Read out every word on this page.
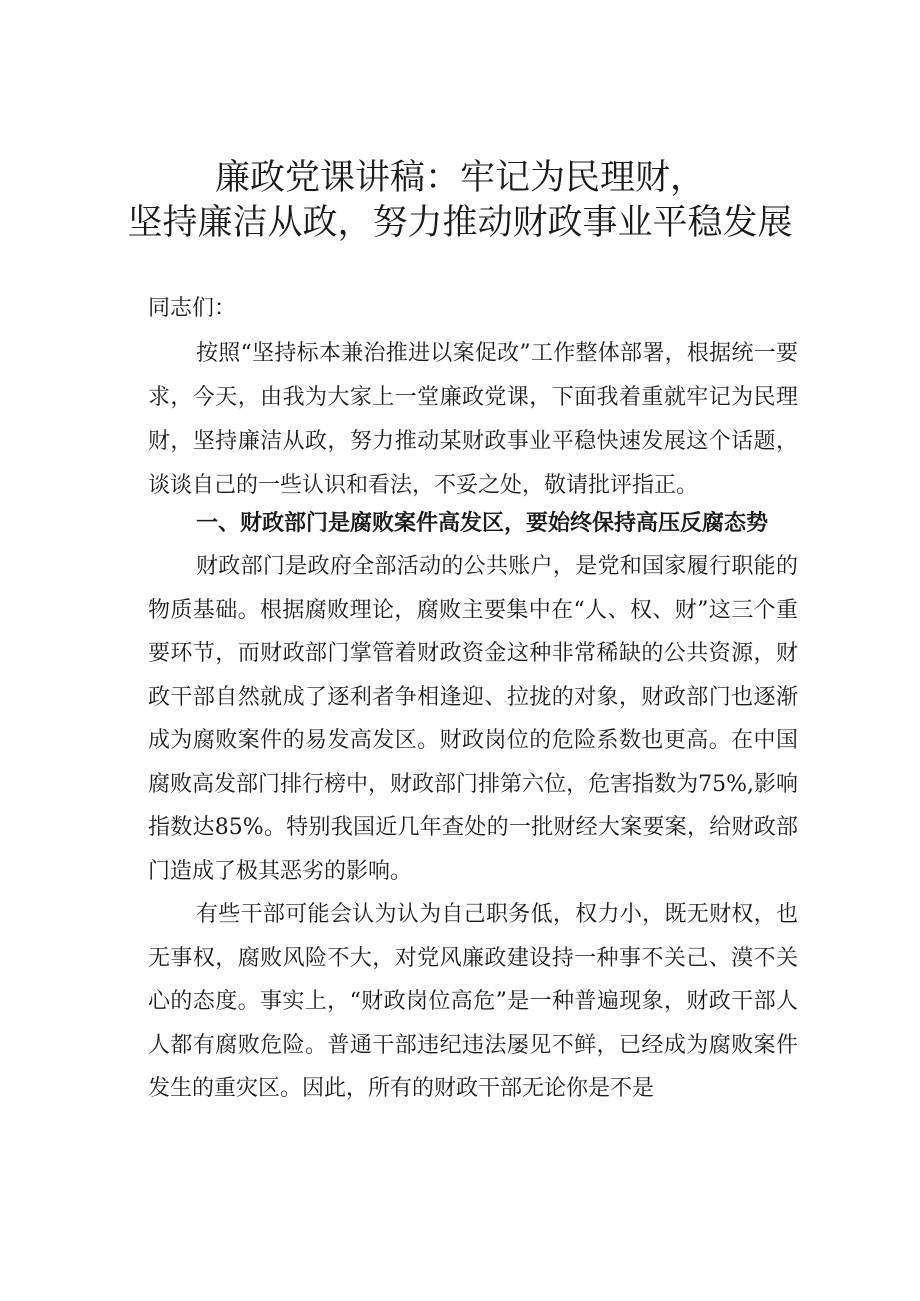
廉政党课讲稿：牢记为民理财，
坚持廉洁从政，努力推动财政事业平稳发展

同志们：

按照“坚持标本兼治推进以案促改”工作整体部署，根据统一要求，今天，由我为大家上一堂廉政党课，下面我着重就牢记为民理财，坚持廉洁从政，努力推动某财政事业平稳快速发展这个话题，谈谈自己的一些认识和看法，不妥之处，敬请批评指正。

一、财政部门是腐败案件高发区，要始终保持高压反腐态势

财政部门是政府全部活动的公共账户，是党和国家履行职能的物质基础。根据腐败理论，腐败主要集中在“人、权、财”这三个重要环节，而财政部门掌管着财政资金这种非常稀缺的公共资源，财政干部自然就成了逐利者争相逢迎、拉拢的对象，财政部门也逐渐成为腐败案件的易发高发区。财政岗位的危险系数也更高。在中国腐败高发部门排行榜中，财政部门排第六位，危害指数为75%,影响指数达85%。特别我国近几年查处的一批财经大案要案，给财政部门造成了极其恶劣的影响。

有些干部可能会认为认为自己职务低，权力小，既无财权，也无事权，腐败风险不大，对党风廉政建设持一种事不关己、漠不关心的态度。事实上，“财政岗位高危”是一种普遍现象，财政干部人人都有腐败危险。普通干部违纪违法屡见不鲜，已经成为腐败案件发生的重灾区。因此，所有的财政干部无论你是不是
